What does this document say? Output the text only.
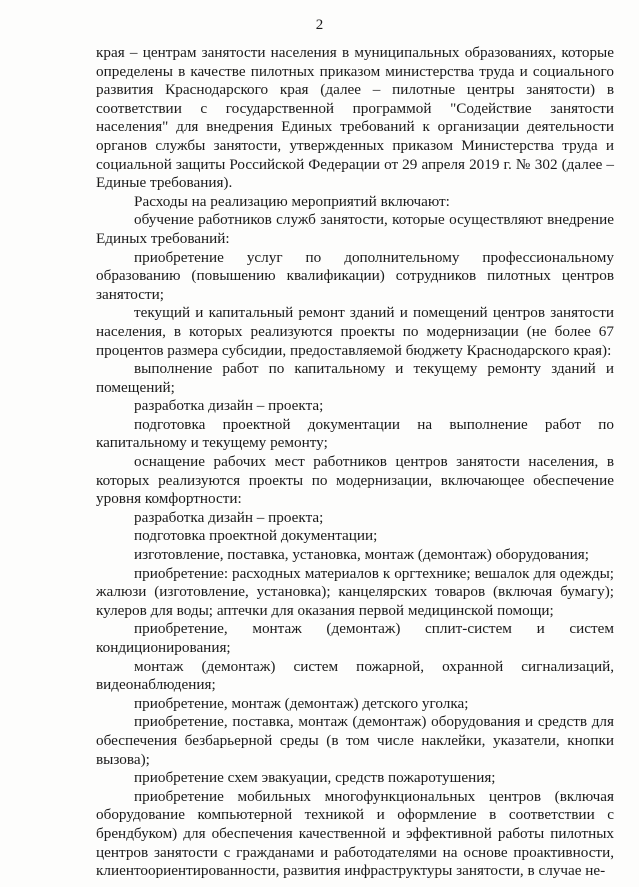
2

края – центрам занятости населения в муниципальных образованиях, которые определены в качестве пилотных приказом министерства труда и социального развития Краснодарского края (далее – пилотные центры занятости) в соответствии с государственной программой "Содействие занятости населения" для внедрения Единых требований к организации деятельности органов службы занятости, утвержденных приказом Министерства труда и социальной защиты Российской Федерации от 29 апреля 2019 г. № 302 (далее – Единые требования).

Расходы на реализацию мероприятий включают:

обучение работников служб занятости, которые осуществляют внедрение Единых требований:

приобретение услуг по дополнительному профессиональному образованию (повышению квалификации) сотрудников пилотных центров занятости;

текущий и капитальный ремонт зданий и помещений центров занятости населения, в которых реализуются проекты по модернизации (не более 67 процентов размера субсидии, предоставляемой бюджету Краснодарского края):

выполнение работ по капитальному и текущему ремонту зданий и помещений;

разработка дизайн – проекта;

подготовка проектной документации на выполнение работ по капитальному и текущему ремонту;

оснащение рабочих мест работников центров занятости населения, в которых реализуются проекты по модернизации, включающее обеспечение уровня комфортности:

разработка дизайн – проекта;

подготовка проектной документации;

изготовление, поставка, установка, монтаж (демонтаж) оборудования;

приобретение: расходных материалов к оргтехнике; вешалок для одежды; жалюзи (изготовление, установка); канцелярских товаров (включая бумагу); кулеров для воды; аптечки для оказания первой медицинской помощи;

приобретение, монтаж (демонтаж) сплит-систем и систем кондиционирования;

монтаж (демонтаж) систем пожарной, охранной сигнализаций, видеонаблюдения;

приобретение, монтаж (демонтаж) детского уголка;

приобретение, поставка, монтаж (демонтаж) оборудования и средств для обеспечения безбарьерной среды (в том числе наклейки, указатели, кнопки вызова);

приобретение схем эвакуации, средств пожаротушения;

приобретение мобильных многофункциональных центров (включая оборудование компьютерной техникой и оформление в соответствии с брендбуком) для обеспечения качественной и эффективной работы пилотных центров занятости с гражданами и работодателями на основе проактивности, клиентоориентированности, развития инфраструктуры занятости, в случае не-
